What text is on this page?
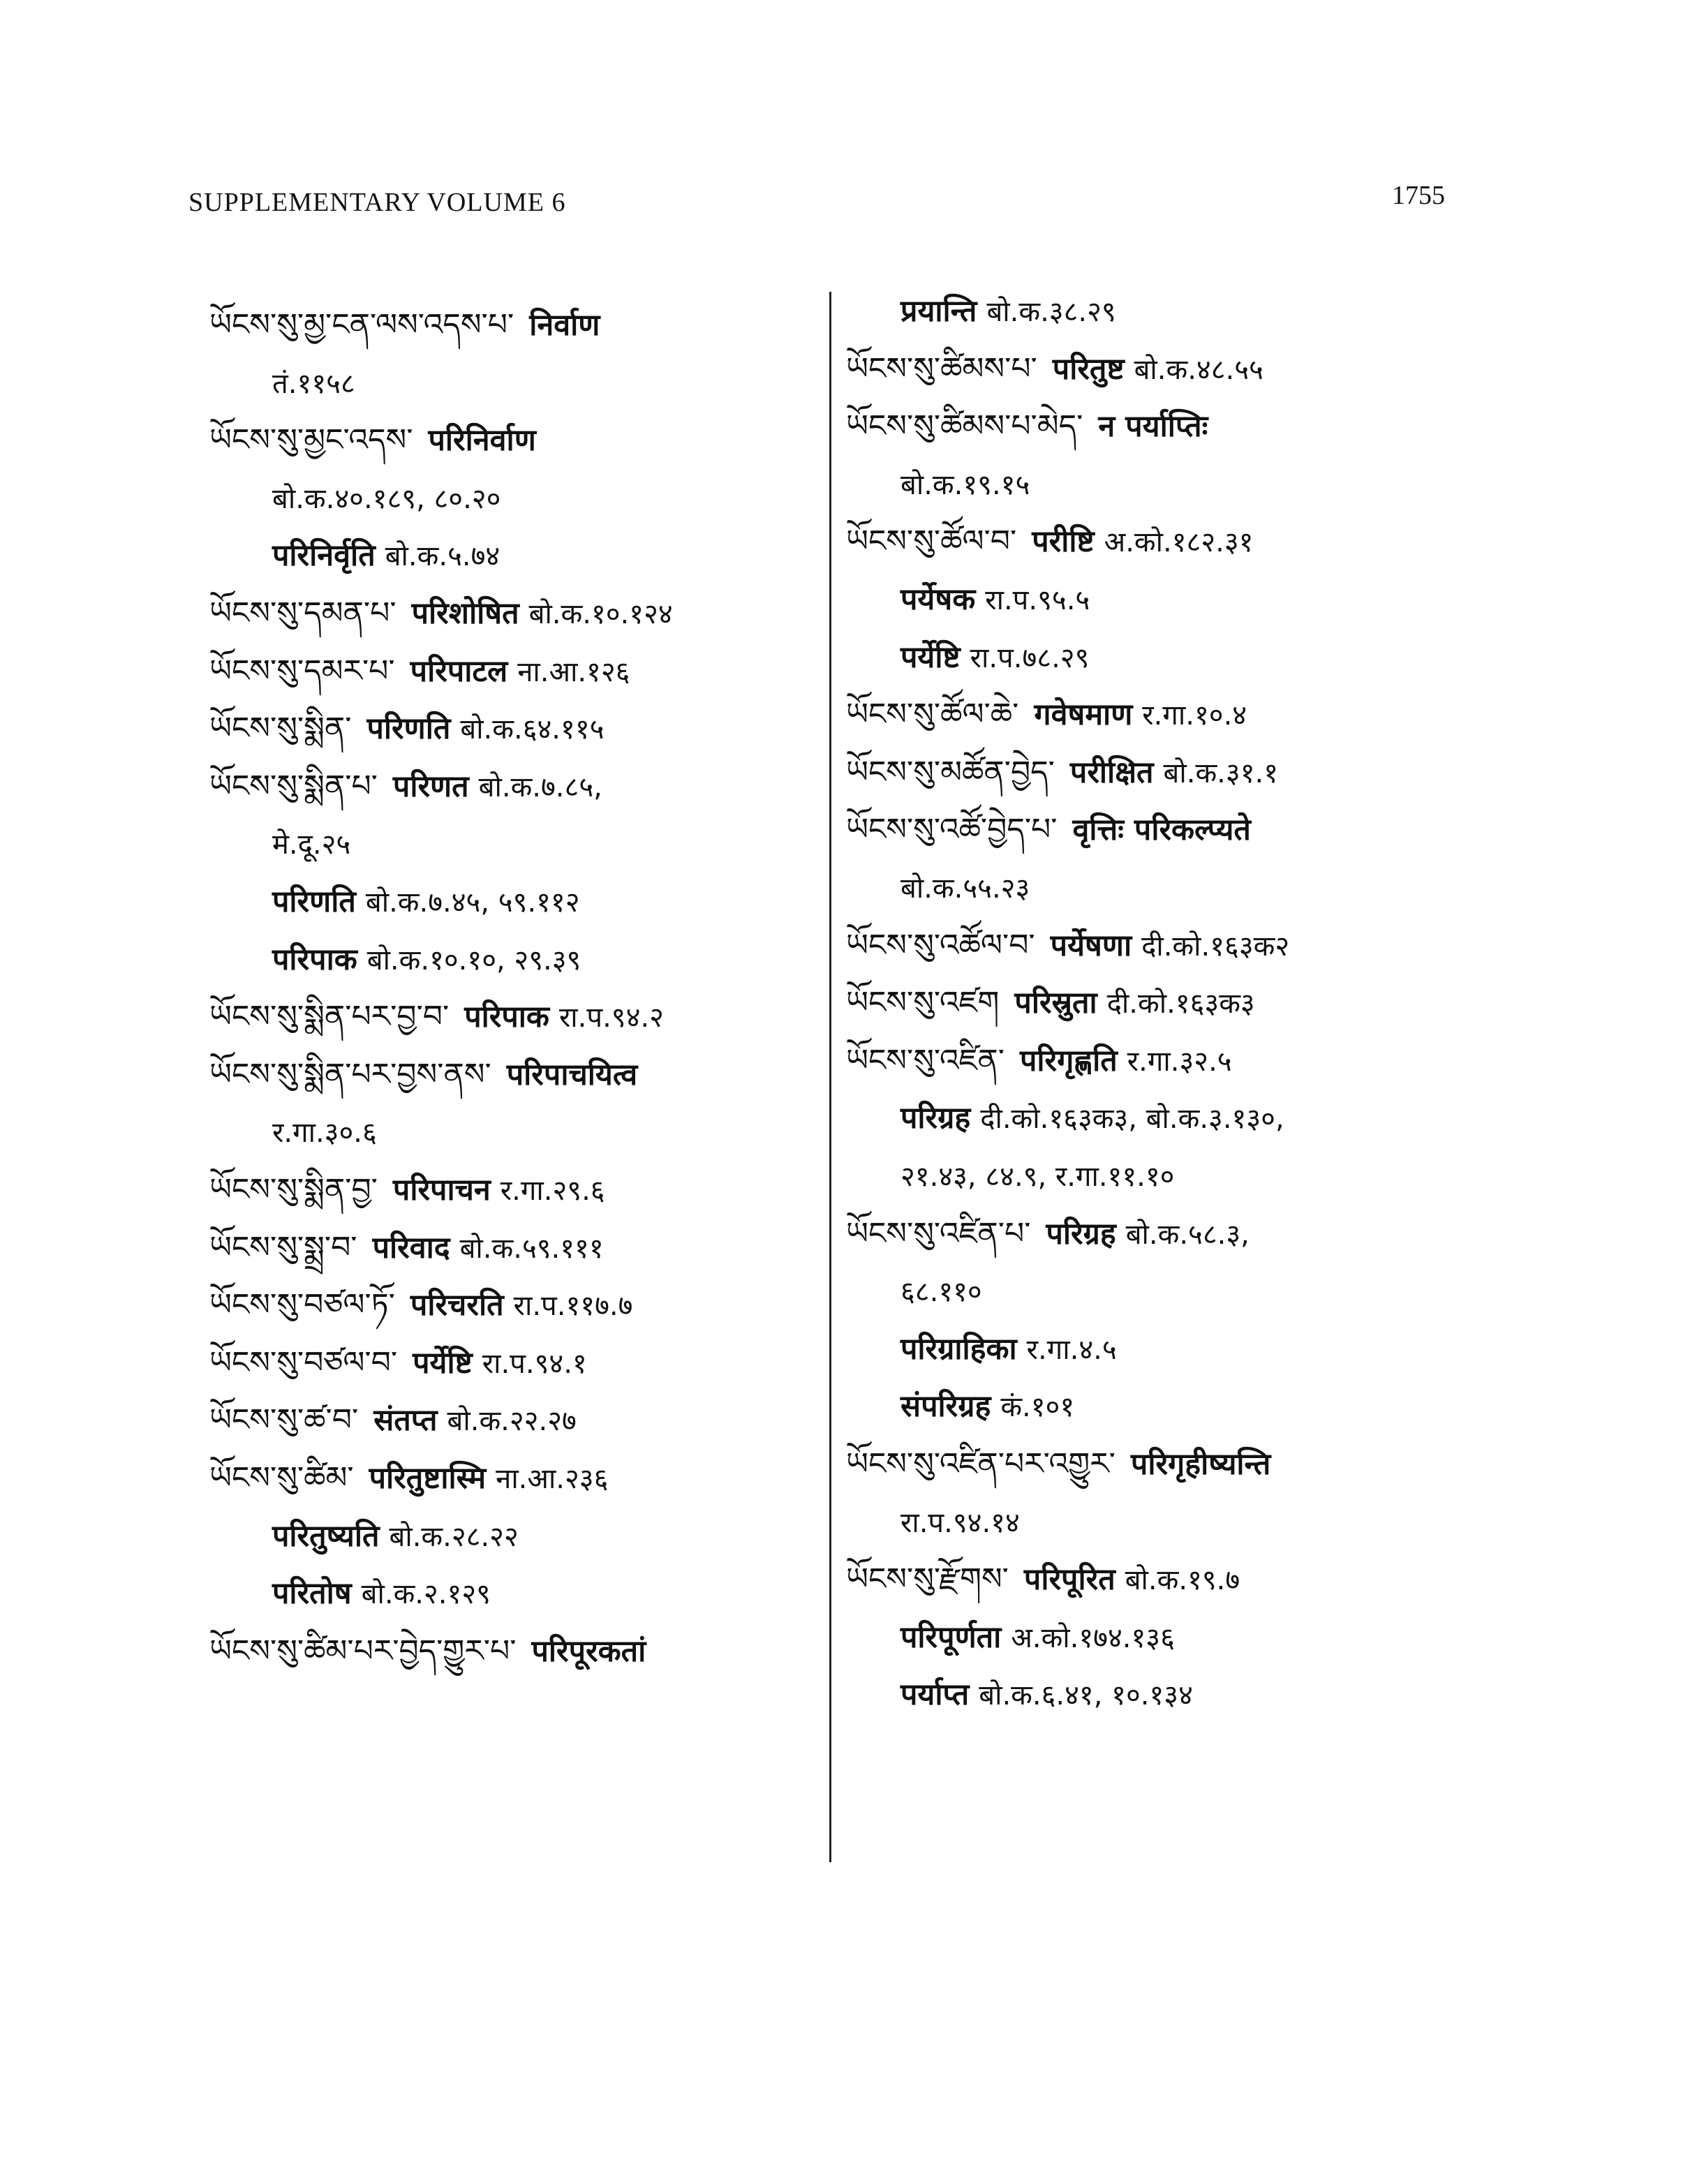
SUPPLEMENTARY VOLUME 6	1755
ཡོངས་སུ་མྱ་ངན་ལས་འདས་པ་ निर्वाण
तं.११५८
ཡོངས་སུ་མྱང་འདས་ परिनिर्वाण
बो.क.४०.१८९, ८०.२०
परिनिर्वृति बो.क.५.७४
ཡོངས་སུ་དམན་པ་ परिशोषित बो.क.१०.१२४
ཡོངས་སུ་དམར་པ་ परिपाटल ना.आ.१२६
ཡོངས་སུ་སྨིན་ परिणति बो.क.६४.११५
ཡོངས་སུ་སྨིན་པ་ परिणत बो.क.७.८५,
मे.दू.२५
परिणति बो.क.७.४५, ५९.११२
परिपाक बो.क.१०.१०, २९.३९
ཡོངས་སུ་སྨིན་པར་བྱ་བ་ परिपाक रा.प.९४.२
ཡོངས་སུ་སྨིན་པར་བྱས་ནས་ परिपाचयित्व
र.गा.३०.६
ཡོངས་སུ་སྨིན་བྱ་ परिपाचन र.गा.२९.६
ཡོངས་སུ་སྨྲ་བ་ परिवाद बो.क.५९.१११
ཡོངས་སུ་བཙལ་ཏོ་ परिचरति रा.प.११७.७
ཡོངས་སུ་བཙལ་བ་ पर्येष्टि रा.प.९४.१
ཡོངས་སུ་ཚ་བ་ संतप्त बो.क.२२.२७
ཡོངས་སུ་ཚིམ་ परितुष्टास्मि ना.आ.२३६
परितुष्यति बो.क.२८.२२
परितोष बो.क.२.१२९
ཡོངས་སུ་ཚིམ་པར་བྱེད་གྱུར་པ་ परिपूरकतां
प्रयान्ति बो.क.३८.२९
ཡོངས་སུ་ཚིམས་པ་ परितुष्ट बो.क.४८.५५
ཡོངས་སུ་ཚིམས་པ་མེད་ न पर्याप्तिः
बो.क.१९.१५
ཡོངས་སུ་ཚོལ་བ་ परीष्टि अ.को.१८२.३१
पर्येषक रा.प.९५.५
पर्येष्टि रा.प.७८.२९
ཡོངས་སུ་ཚོལ་ཆེ་ गवेषमाण र.गा.१०.४
ཡོངས་སུ་མཚོན་བྱེད་ परीक्षित बो.क.३१.१
ཡོངས་སུ་འཚོ་བྱེད་པ་ वृत्तिः परिकल्प्यते
बो.क.५५.२३
ཡོངས་སུ་འཚོལ་བ་ पर्येषणा दी.को.१६३क२
ཡོངས་སུ་འཛག परिस्रुता दी.को.१६३क३
ཡོངས་སུ་འཛིན་ परिगृह्णति र.गा.३२.५
परिग्रह दी.को.१६३क३, बो.क.३.१३०,
२१.४३, ८४.९, र.गा.११.१०
ཡོངས་སུ་འཛིན་པ་ परिग्रह बो.क.५८.३,
६८.११०
परिग्राहिका र.गा.४.५
संपरिग्रह कं.१०१
ཡོངས་སུ་འཛིན་པར་འགྱུར་ परिगृहीष्यन्ति
रा.प.९४.१४
ཡོངས་སུ་རྫོགས་ परिपूरित बो.क.१९.७
परिपूर्णता अ.को.१७४.१३६
पर्याप्त बो.क.६.४१, १०.१३४
